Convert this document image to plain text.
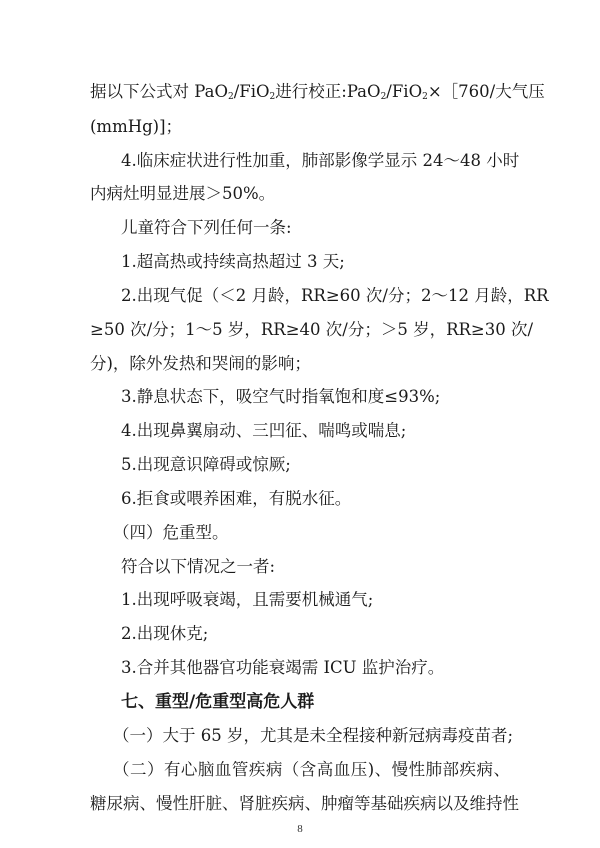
据以下公式对 PaO$_2$/FiO$_2$进行校正:PaO$_2$/FiO$_2$×［760/大气压
(mmHg)]；
4.临床症状进行性加重，肺部影像学显示 24～48 小时
内病灶明显进展＞50%。
儿童符合下列任何一条:
1.超高热或持续高热超过 3 天;
2.出现气促（＜2 月龄，RR≥60 次/分；2～12 月龄，RR
≥50 次/分；1～5 岁，RR≥40 次/分；＞5 岁，RR≥30 次/
分)，除外发热和哭闹的影响；
3.静息状态下，吸空气时指氧饱和度≤93%;
4.出现鼻翼扇动、三凹征、喘鸣或喘息;
5.出现意识障碍或惊厥;
6.拒食或喂养困难，有脱水征。
（四）危重型。
符合以下情况之一者:
1.出现呼吸衰竭，且需要机械通气;
2.出现休克;
3.合并其他器官功能衰竭需 ICU 监护治疗。
七、重型/危重型高危人群
（一）大于 65 岁，尤其是未全程接种新冠病毒疫苗者;
（二）有心脑血管疾病（含高血压)、慢性肺部疾病、
糖尿病、慢性肝脏、肾脏疾病、肿瘤等基础疾病以及维持性
8
